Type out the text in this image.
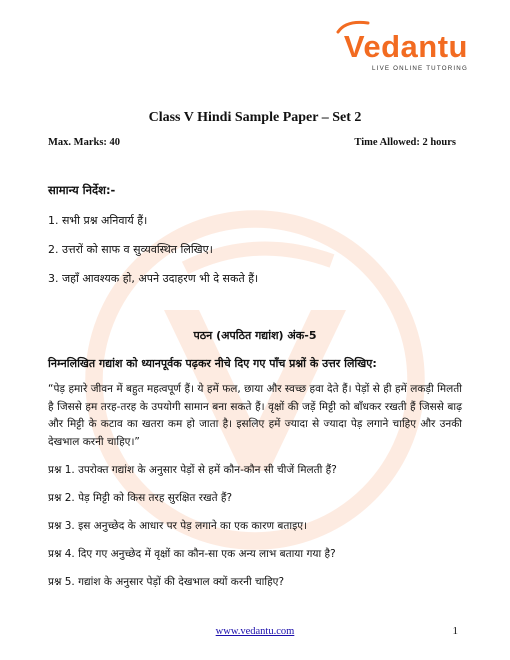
Vedantu
LIVE ONLINE TUTORING
Class V Hindi Sample Paper – Set 2
Max. Marks: 40	Time Allowed: 2 hours
सामान्य निर्देश:-
1. सभी प्रश्न अनिवार्य हैं।
2. उत्तरों को साफ व सुव्यवस्थित लिखिए।
3. जहाँ आवश्यक हो, अपने उदाहरण भी दे सकते हैं।
पठन (अपठित गद्यांश) अंक-5
निम्नलिखित गद्यांश को ध्यानपूर्वक पढ़कर नीचे दिए गए पाँच प्रश्नों के उत्तर लिखिए:
“पेड़ हमारे जीवन में बहुत महत्वपूर्ण हैं। ये हमें फल, छाया और स्वच्छ हवा देते हैं। पेड़ों से ही हमें लकड़ी मिलती है जिससे हम तरह-तरह के उपयोगी सामान बना सकते हैं। वृक्षों की जड़ें मिट्टी को बाँधकर रखती हैं जिससे बाढ़ और मिट्टी के कटाव का खतरा कम हो जाता है। इसलिए हमें ज्यादा से ज्यादा पेड़ लगाने चाहिए और उनकी देखभाल करनी चाहिए।”
प्रश्न 1. उपरोक्त गद्यांश के अनुसार पेड़ों से हमें कौन-कौन सी चीजें मिलती हैं?
प्रश्न 2. पेड़ मिट्टी को किस तरह सुरक्षित रखते हैं?
प्रश्न 3. इस अनुच्छेद के आधार पर पेड़ लगाने का एक कारण बताइए।
प्रश्न 4. दिए गए अनुच्छेद में वृक्षों का कौन-सा एक अन्य लाभ बताया गया है?
प्रश्न 5. गद्यांश के अनुसार पेड़ों की देखभाल क्यों करनी चाहिए?
www.vedantu.com	1
